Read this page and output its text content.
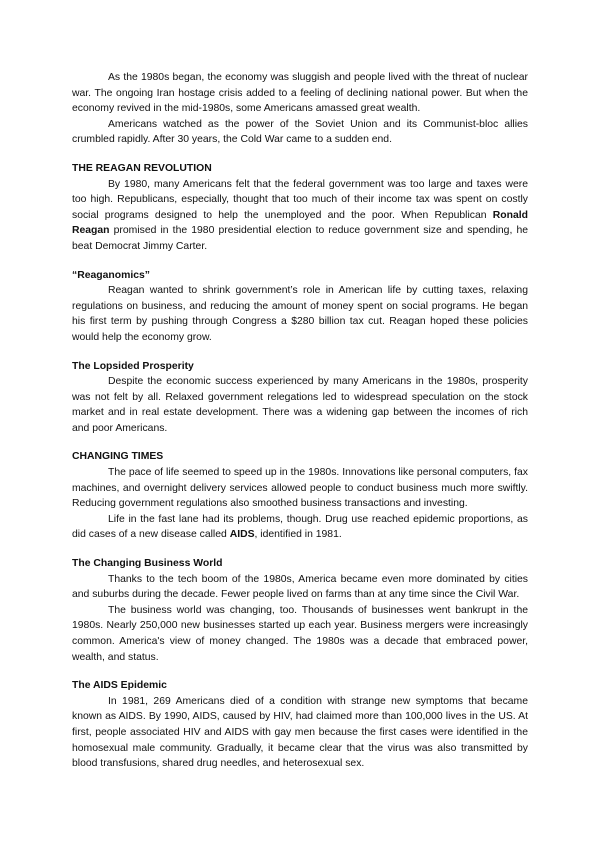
As the 1980s began, the economy was sluggish and people lived with the threat of nuclear war. The ongoing Iran hostage crisis added to a feeling of declining national power. But when the economy revived in the mid-1980s, some Americans amassed great wealth.

Americans watched as the power of the Soviet Union and its Communist-bloc allies crumbled rapidly. After 30 years, the Cold War came to a sudden end.

THE REAGAN REVOLUTION

By 1980, many Americans felt that the federal government was too large and taxes were too high. Republicans, especially, thought that too much of their income tax was spent on costly social programs designed to help the unemployed and the poor. When Republican Ronald Reagan promised in the 1980 presidential election to reduce government size and spending, he beat Democrat Jimmy Carter.

“Reaganomics”

Reagan wanted to shrink government’s role in American life by cutting taxes, relaxing regulations on business, and reducing the amount of money spent on social programs. He began his first term by pushing through Congress a $280 billion tax cut. Reagan hoped these policies would help the economy grow.

The Lopsided Prosperity

Despite the economic success experienced by many Americans in the 1980s, prosperity was not felt by all. Relaxed government relegations led to widespread speculation on the stock market and in real estate development. There was a widening gap between the incomes of rich and poor Americans.

CHANGING TIMES

The pace of life seemed to speed up in the 1980s. Innovations like personal computers, fax machines, and overnight delivery services allowed people to conduct business much more swiftly. Reducing government regulations also smoothed business transactions and investing.

Life in the fast lane had its problems, though. Drug use reached epidemic proportions, as did cases of a new disease called AIDS, identified in 1981.

The Changing Business World

Thanks to the tech boom of the 1980s, America became even more dominated by cities and suburbs during the decade. Fewer people lived on farms than at any time since the Civil War.

The business world was changing, too. Thousands of businesses went bankrupt in the 1980s. Nearly 250,000 new businesses started up each year. Business mergers were increasingly common. America's view of money changed. The 1980s was a decade that embraced power, wealth, and status.

The AIDS Epidemic

In 1981, 269 Americans died of a condition with strange new symptoms that became known as AIDS. By 1990, AIDS, caused by HIV, had claimed more than 100,000 lives in the US. At first, people associated HIV and AIDS with gay men because the first cases were identified in the homosexual male community. Gradually, it became clear that the virus was also transmitted by blood transfusions, shared drug needles, and heterosexual sex.
